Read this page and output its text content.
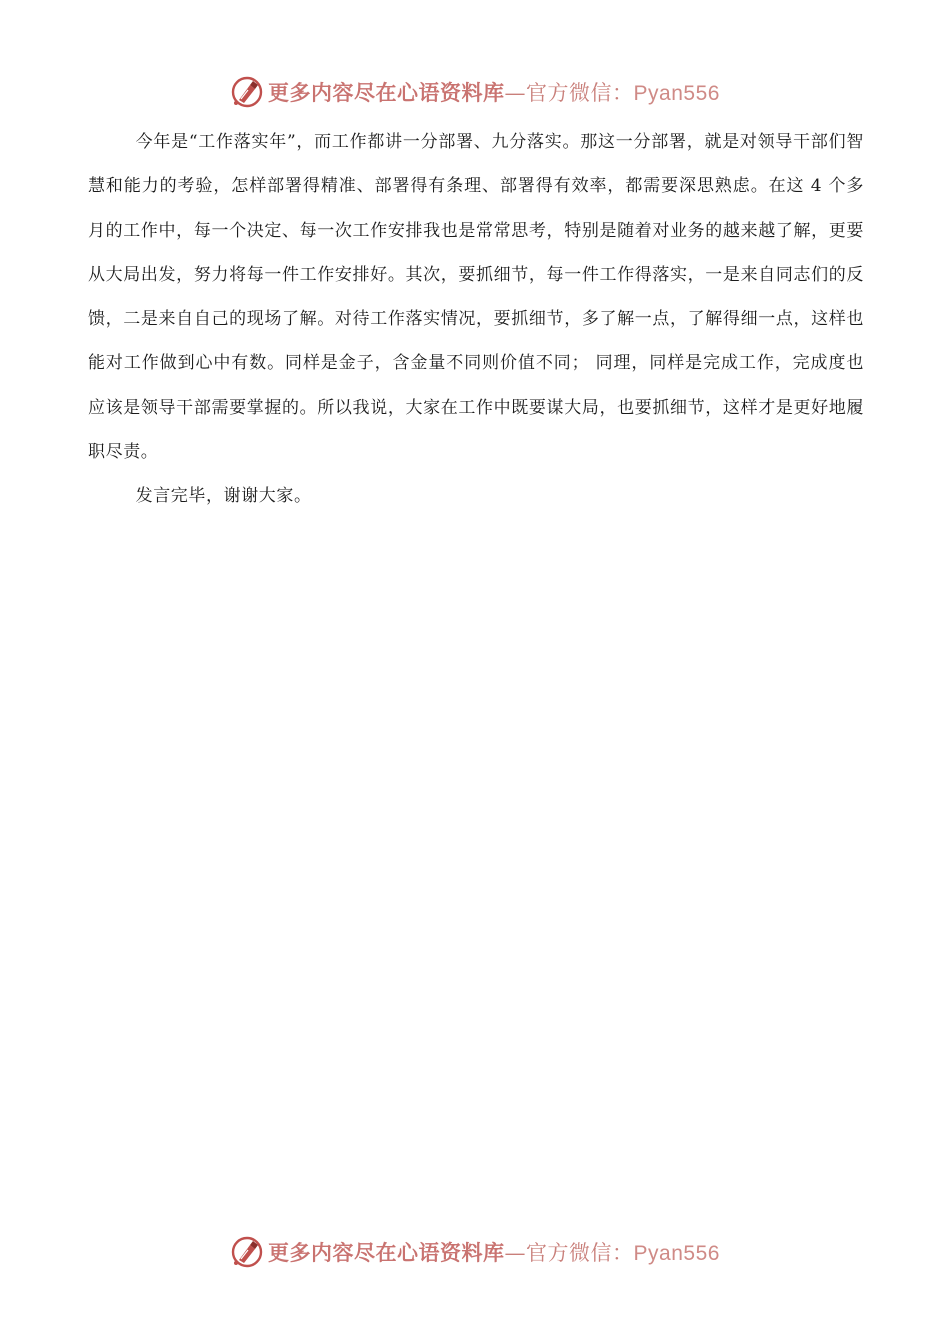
更多内容尽在心语资料库—官方微信：Pyan556

今年是“工作落实年”，而工作都讲一分部署、九分落实。那这一分部署，就是对领导干部们智慧和能力的考验，怎样部署得精准、部署得有条理、部署得有效率，都需要深思熟虑。在这 4 个多月的工作中，每一个决定、每一次工作安排我也是常常思考，特别是随着对业务的越来越了解，更要从大局出发，努力将每一件工作安排好。其次，要抓细节，每一件工作得落实，一是来自同志们的反馈，二是来自自己的现场了解。对待工作落实情况，要抓细节，多了解一点，了解得细一点，这样也能对工作做到心中有数。同样是金子，含金量不同则价值不同； 同理，同样是完成工作，完成度也应该是领导干部需要掌握的。所以我说，大家在工作中既要谋大局，也要抓细节，这样才是更好地履职尽责。

发言完毕，谢谢大家。

更多内容尽在心语资料库—官方微信：Pyan556
